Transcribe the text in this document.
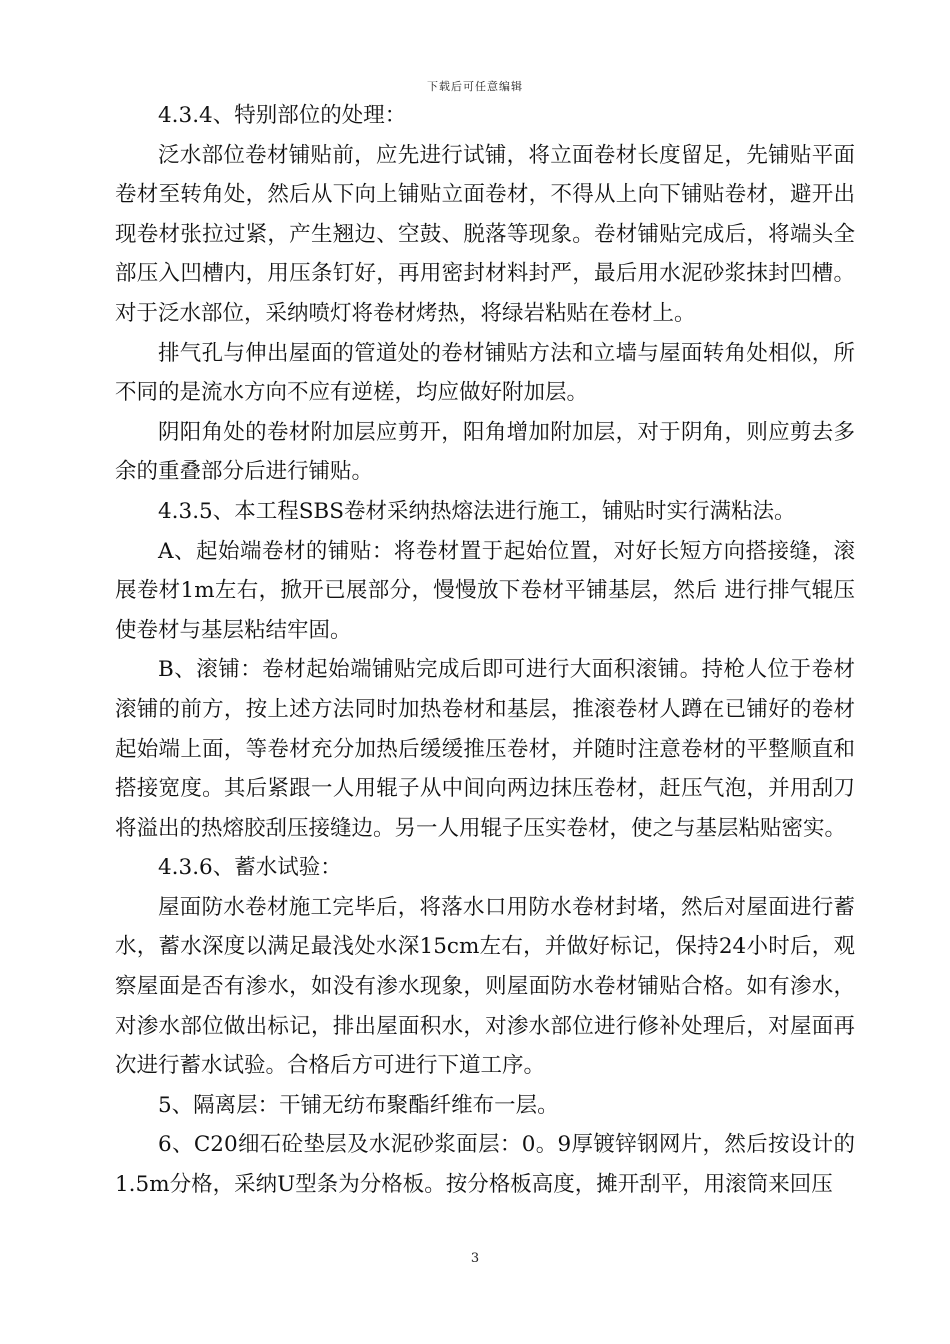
下载后可任意编辑

4.3.4、特别部位的处理：

泛水部位卷材铺贴前，应先进行试铺，将立面卷材长度留足，先铺贴平面卷材至转角处，然后从下向上铺贴立面卷材，不得从上向下铺贴卷材，避开出现卷材张拉过紧，产生翘边、空鼓、脱落等现象。卷材铺贴完成后，将端头全部压入凹槽内，用压条钉好，再用密封材料封严，最后用水泥砂浆抹封凹槽。对于泛水部位，采纳喷灯将卷材烤热，将绿岩粘贴在卷材上。

排气孔与伸出屋面的管道处的卷材铺贴方法和立墙与屋面转角处相似，所不同的是流水方向不应有逆槎，均应做好附加层。

阴阳角处的卷材附加层应剪开，阳角增加附加层，对于阴角，则应剪去多余的重叠部分后进行铺贴。

4.3.5、本工程SBS卷材采纳热熔法进行施工，铺贴时实行满粘法。

A、起始端卷材的铺贴：将卷材置于起始位置，对好长短方向搭接缝，滚展卷材1m左右，掀开已展部分，慢慢放下卷材平铺基层，然后 进行排气辊压使卷材与基层粘结牢固。

B、滚铺：卷材起始端铺贴完成后即可进行大面积滚铺。持枪人位于卷材滚铺的前方，按上述方法同时加热卷材和基层，推滚卷材人蹲在已铺好的卷材起始端上面，等卷材充分加热后缓缓推压卷材，并随时注意卷材的平整顺直和搭接宽度。其后紧跟一人用辊子从中间向两边抹压卷材，赶压气泡，并用刮刀将溢出的热熔胶刮压接缝边。另一人用辊子压实卷材，使之与基层粘贴密实。

4.3.6、蓄水试验：

屋面防水卷材施工完毕后，将落水口用防水卷材封堵，然后对屋面进行蓄水，蓄水深度以满足最浅处水深15cm左右，并做好标记，保持24小时后，观察屋面是否有渗水，如没有渗水现象，则屋面防水卷材铺贴合格。如有渗水，对渗水部位做出标记，排出屋面积水，对渗水部位进行修补处理后，对屋面再次进行蓄水试验。合格后方可进行下道工序。

5、隔离层：干铺无纺布聚酯纤维布一层。

6、C20细石砼垫层及水泥砂浆面层：0。9厚镀锌钢网片，然后按设计的1.5m分格，采纳U型条为分格板。按分格板高度，摊开刮平，用滚筒来回压

3
